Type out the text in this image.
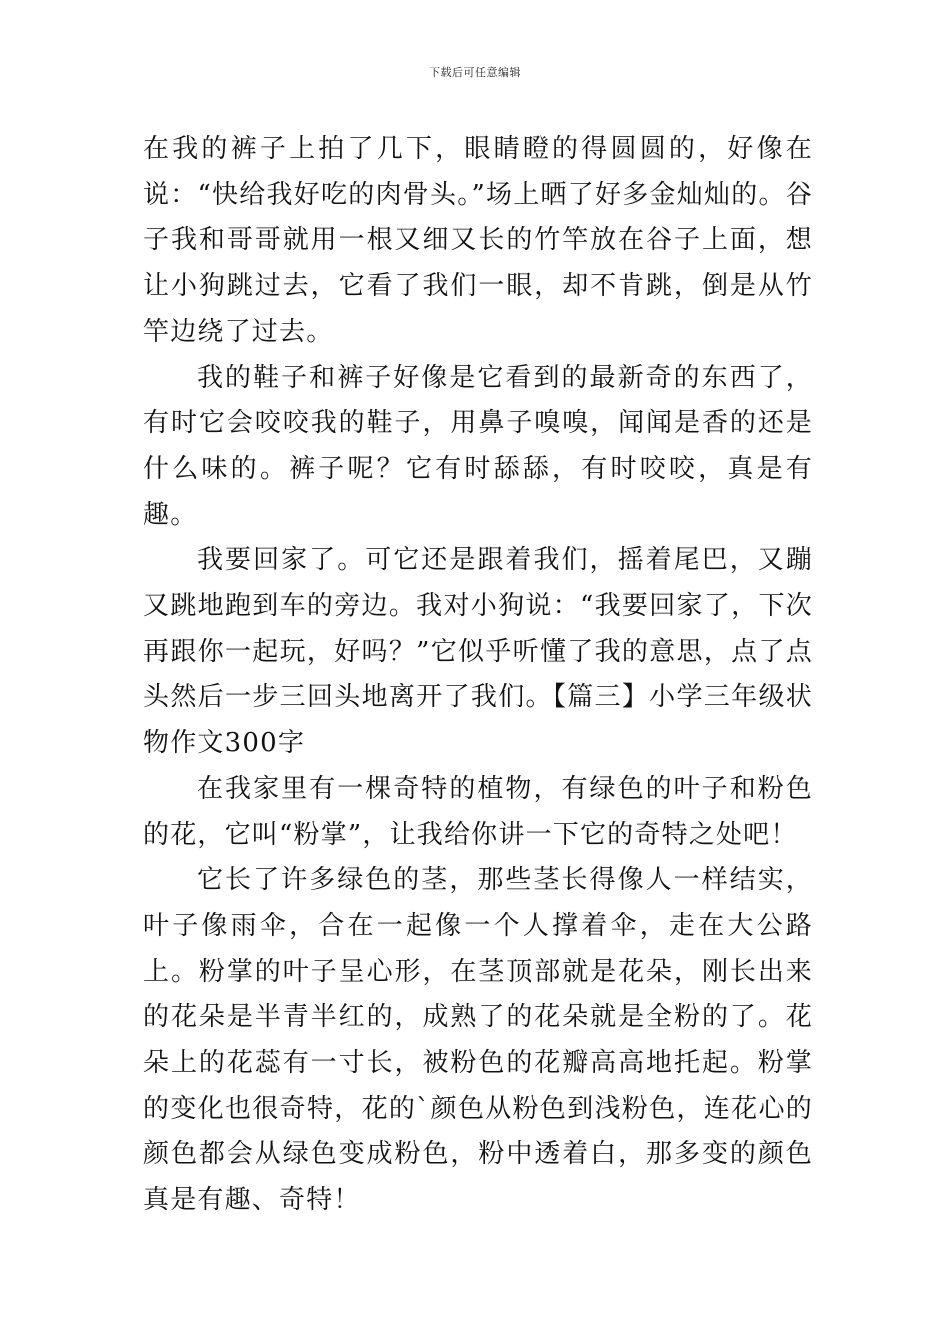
下载后可任意编辑

在我的裤子上拍了几下，眼睛瞪的得圆圆的，好像在说：“快给我好吃的肉骨头。”场上晒了好多金灿灿的。谷子我和哥哥就用一根又细又长的竹竿放在谷子上面，想让小狗跳过去，它看了我们一眼，却不肯跳，倒是从竹竿边绕了过去。

我的鞋子和裤子好像是它看到的最新奇的东西了，有时它会咬咬我的鞋子，用鼻子嗅嗅，闻闻是香的还是什么味的。裤子呢？它有时舔舔，有时咬咬，真是有趣。

我要回家了。可它还是跟着我们，摇着尾巴，又蹦又跳地跑到车的旁边。我对小狗说：“我要回家了，下次再跟你一起玩，好吗？”它似乎听懂了我的意思，点了点头然后一步三回头地离开了我们。【篇三】小学三年级状物作文300字

在我家里有一棵奇特的植物，有绿色的叶子和粉色的花，它叫“粉掌”，让我给你讲一下它的奇特之处吧！

它长了许多绿色的茎，那些茎长得像人一样结实，叶子像雨伞，合在一起像一个人撑着伞，走在大公路上。粉掌的叶子呈心形，在茎顶部就是花朵，刚长出来的花朵是半青半红的，成熟了的花朵就是全粉的了。花朵上的花蕊有一寸长，被粉色的花瓣高高地托起。粉掌的变化也很奇特，花的`颜色从粉色到浅粉色，连花心的颜色都会从绿色变成粉色，粉中透着白，那多变的颜色真是有趣、奇特！
